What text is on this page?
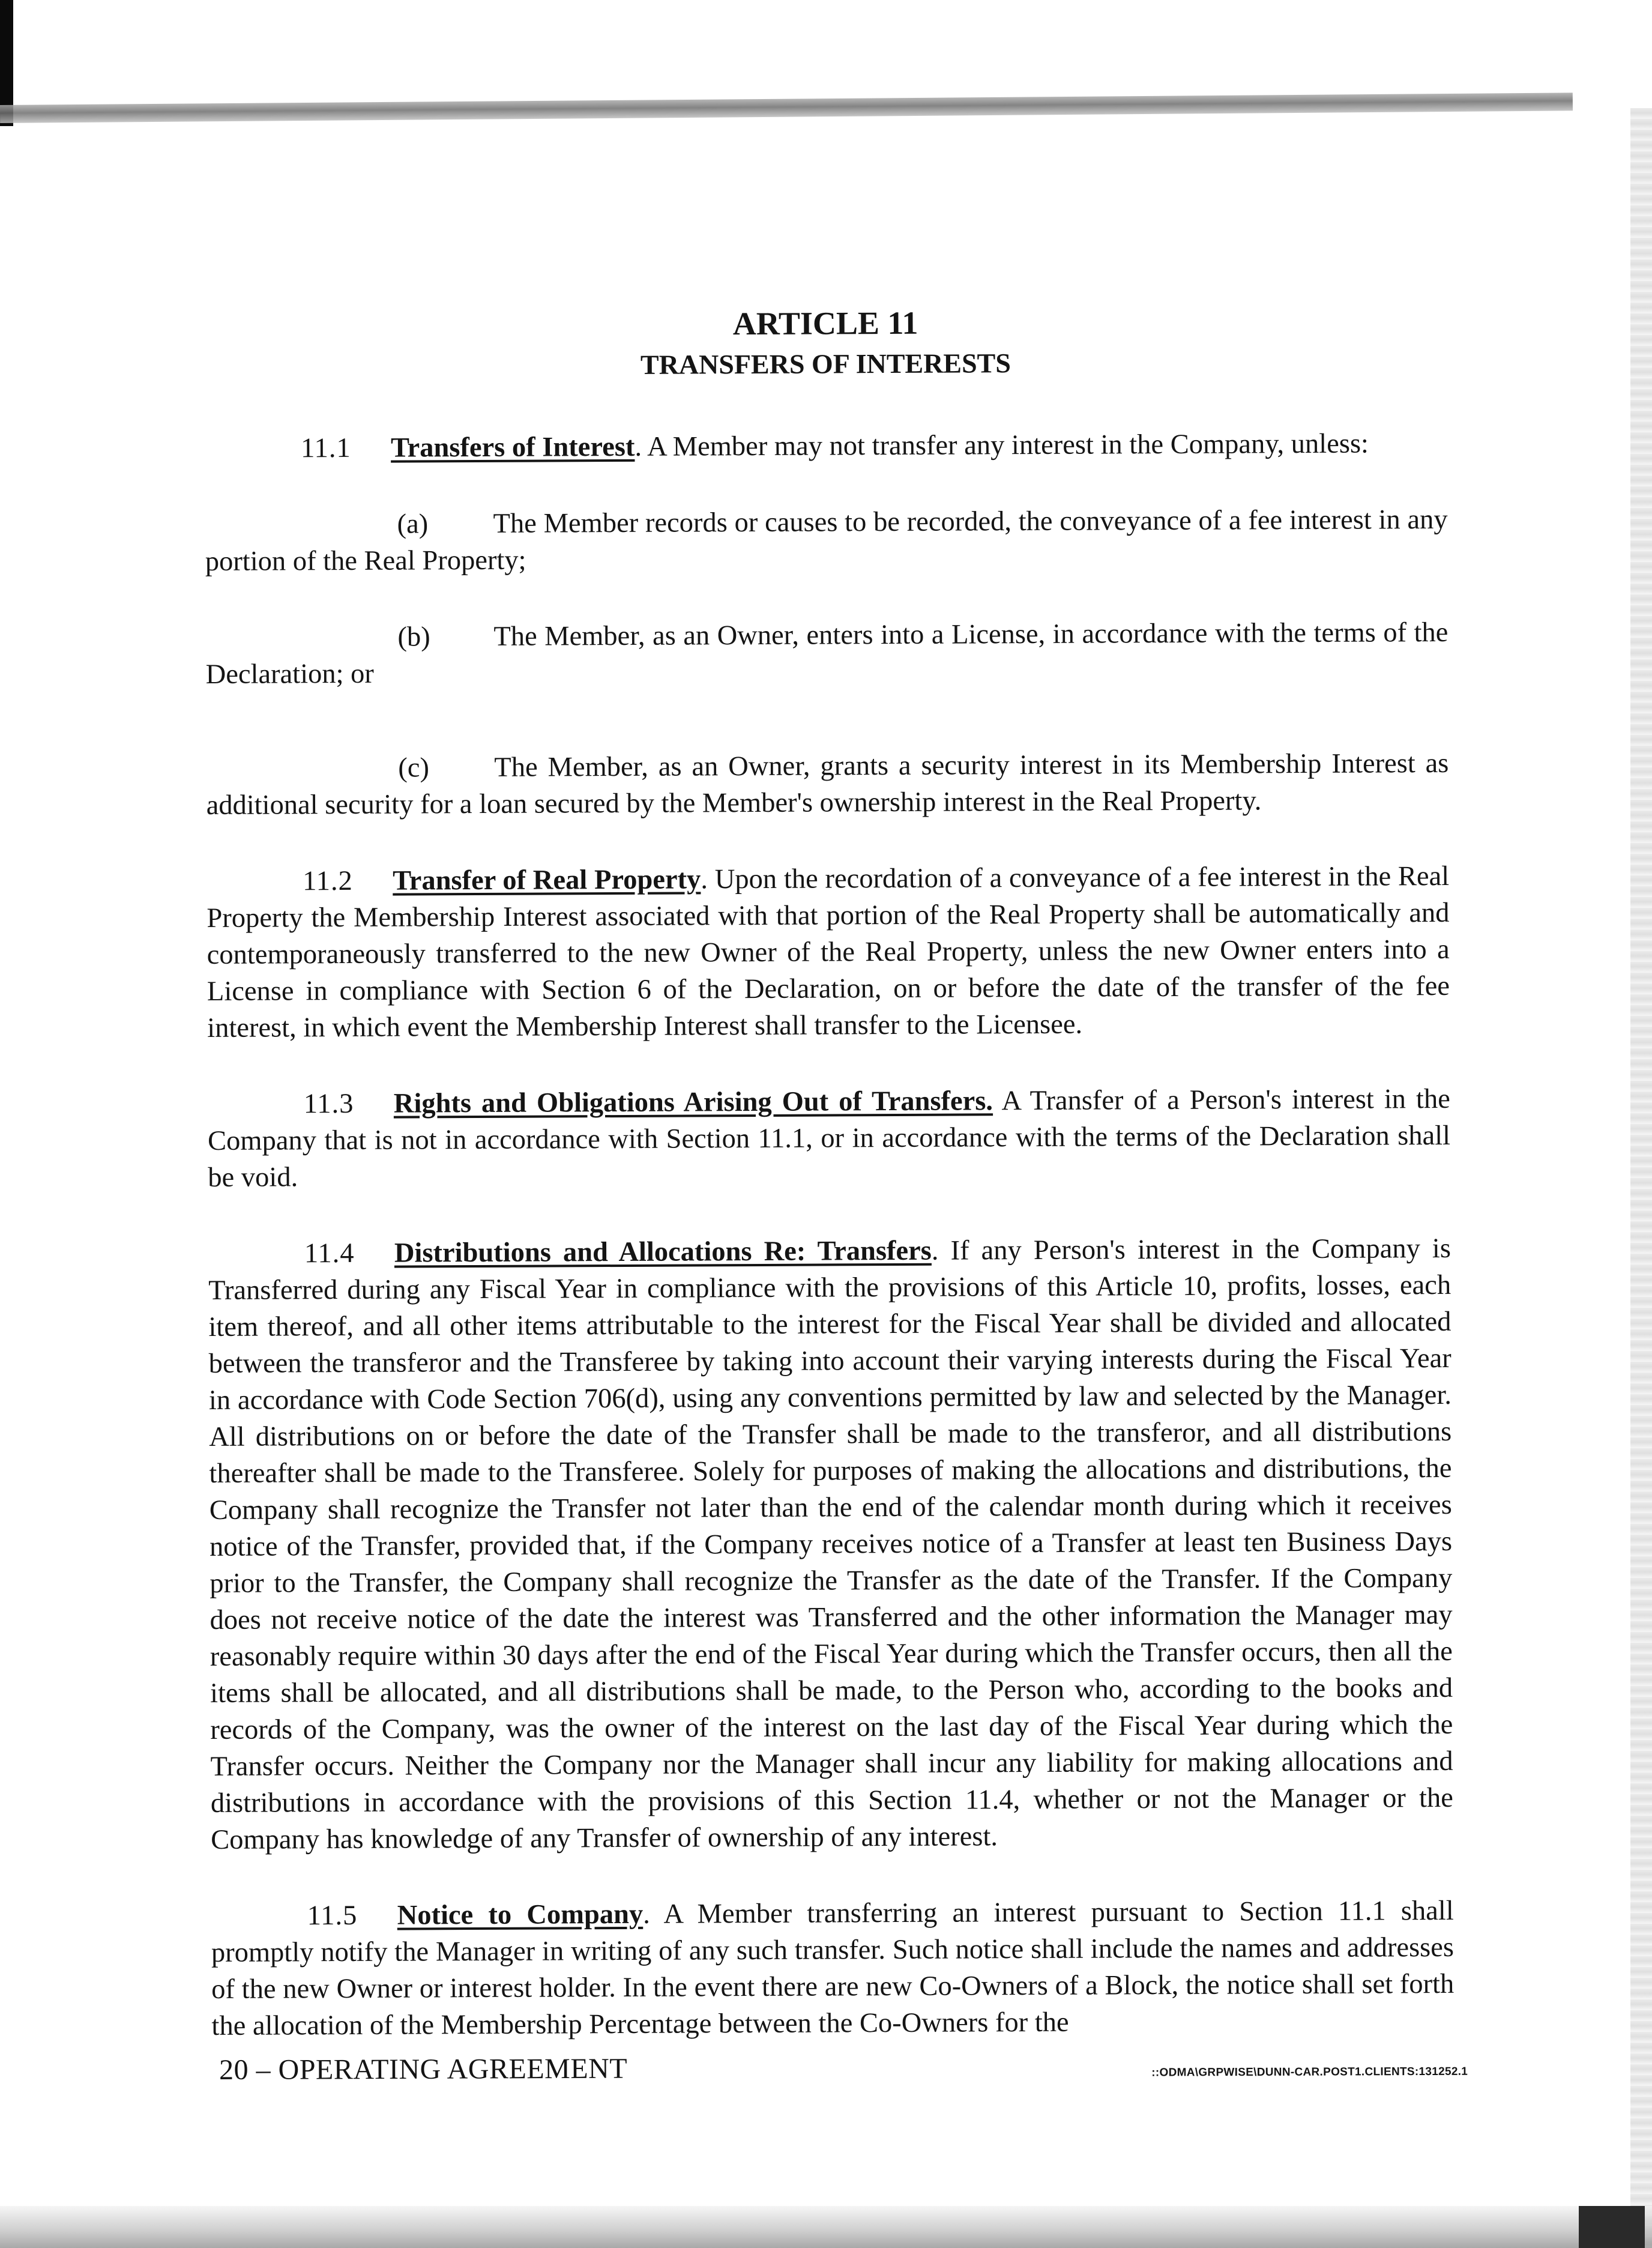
ARTICLE 11
TRANSFERS OF INTERESTS

11.1 Transfers of Interest. A Member may not transfer any interest in the Company, unless:

(a) The Member records or causes to be recorded, the conveyance of a fee interest in any portion of the Real Property;

(b) The Member, as an Owner, enters into a License, in accordance with the terms of the Declaration; or

(c) The Member, as an Owner, grants a security interest in its Membership Interest as additional security for a loan secured by the Member's ownership interest in the Real Property.

11.2 Transfer of Real Property. Upon the recordation of a conveyance of a fee interest in the Real Property the Membership Interest associated with that portion of the Real Property shall be automatically and contemporaneously transferred to the new Owner of the Real Property, unless the new Owner enters into a License in compliance with Section 6 of the Declaration, on or before the date of the transfer of the fee interest, in which event the Membership Interest shall transfer to the Licensee.

11.3 Rights and Obligations Arising Out of Transfers. A Transfer of a Person's interest in the Company that is not in accordance with Section 11.1, or in accordance with the terms of the Declaration shall be void.

11.4 Distributions and Allocations Re: Transfers. If any Person's interest in the Company is Transferred during any Fiscal Year in compliance with the provisions of this Article 10, profits, losses, each item thereof, and all other items attributable to the interest for the Fiscal Year shall be divided and allocated between the transferor and the Transferee by taking into account their varying interests during the Fiscal Year in accordance with Code Section 706(d), using any conventions permitted by law and selected by the Manager. All distributions on or before the date of the Transfer shall be made to the transferor, and all distributions thereafter shall be made to the Transferee. Solely for purposes of making the allocations and distributions, the Company shall recognize the Transfer not later than the end of the calendar month during which it receives notice of the Transfer, provided that, if the Company receives notice of a Transfer at least ten Business Days prior to the Transfer, the Company shall recognize the Transfer as the date of the Transfer. If the Company does not receive notice of the date the interest was Transferred and the other information the Manager may reasonably require within 30 days after the end of the Fiscal Year during which the Transfer occurs, then all the items shall be allocated, and all distributions shall be made, to the Person who, according to the books and records of the Company, was the owner of the interest on the last day of the Fiscal Year during which the Transfer occurs. Neither the Company nor the Manager shall incur any liability for making allocations and distributions in accordance with the provisions of this Section 11.4, whether or not the Manager or the Company has knowledge of any Transfer of ownership of any interest.

11.5 Notice to Company. A Member transferring an interest pursuant to Section 11.1 shall promptly notify the Manager in writing of any such transfer. Such notice shall include the names and addresses of the new Owner or interest holder. In the event there are new Co-Owners of a Block, the notice shall set forth the allocation of the Membership Percentage between the Co-Owners for the

20 – OPERATING AGREEMENT	::ODMA\GRPWISE\DUNN-CAR.POST1.CLIENTS:131252.1
